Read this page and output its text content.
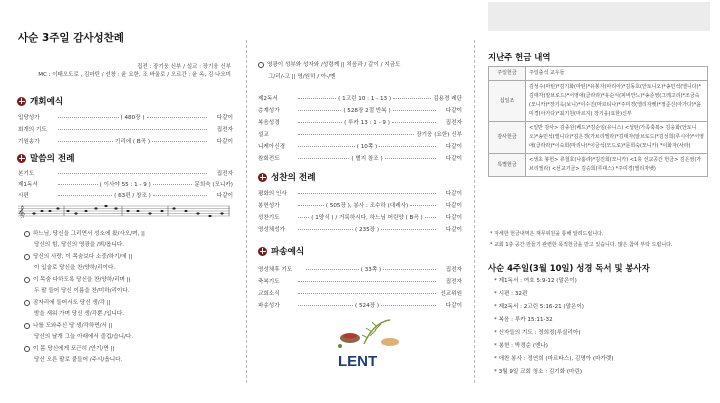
사순 3주일 감사성찬례
집전 : 장기웅 신부 / 설교 : 장기웅 신부
MC : 이태오도로 , 김마틴 / 선창 : 윤 요한, 조 바울로 / 오르간 : 윤 옥, 김 나오미
개회예식
입당성가	( 480장 )	다같이
회개의 기도	집전자
기원송가	기리에 ( B곡 )	다같이
말씀의 전례
본기도	집전자
제1독서	( 이사야 55 : 1 - 9 )	문희숙 (모니카)
시편	( 63편 / 창조 )	다같이
𝄞
하느님, 당신을 그리면서 성소에 왔/사오/며, ||
당신의 힘, 당신의 영광을 /뵈/옵니다.
당신의 사랑, 이 목숨보다 소중/하기/에 ||
이 입술로 당신을 찬/양하/리이다.
이 목숨 다하도록 당신을 찬/양하/리며 ||
두 팔 들어 당신 이름을 찬/미하/리이다.
잠자리에 들어서도 당신 생/각 ||
밤을 새워 가며 당신 생/각뿐 /입니다.
나를 도와주신 당 생/각하면/서 ||
당신의 날개 그늘 아래에서 즐겁/습니/다.
이 몸 당신에게 포근히 /안기/면 ||
당신 오른 팔로 붙들어 /주시/옵니다.
영광이 성부와 성자와 /성령께 || 처음과 / 같이 / 지금도
그/리/-고 || 영/원히 / 아-/멘
제2독서	( 1고린 10 : 1 - 13 )	김용경 레단
층계성가	( 528장 2절 반복 )	다같이
복음성경	( 루카 13 : 1 - 9 )	집전자
설교	장기웅 (요한) 신부
니케아신경	( 10쪽 )	다같이
참회전도	( 별지 참조 )	다같이
성찬의 전례
평화의 인사	다같이
봉헌성가	( 505장 ), 봉사 : 조수하 (대레사)	다같이
성찬기도	( 1양식 ) / 거룩하시다, 하느님 어린양 ( B곡 )	다같이
영성체성가	( 235장 )	다같이
파송예식
영성체후 기도	( 33쪽 )	집전자
축복기도	집전자
교회소식	선교위원
파송성가	( 524장 )	다같이
LENT
지난주 헌금 내역
주일헌금	주일출석 교우들
십일조	김성수(마틴)*김기화(마틴)*유봉자(마리아)*김동호(안토니오)*송민석(엘니다)*김태자(알브로드)*서영애(클라라)*유순식(피비안느)*송준영(그레고리)*조금숙(모니카)*장기옥(보니)*이수진(마르티나)*주미경(엘리자벳)*정준신(아가다)*윤미경(아가다)*최기원(마르지) 장기웅(요한)신부
감사헌금	<일반 감사> 김종원(베드)*김순임(유니스) <성탄/가족축복> 김웅화(안토니오)*송민석(엘니다)*김은경(가브리엘라)*김태자(알브로드)*김성희(루시아)*서영애(클라라)*이숙희(마리나)*이금석(모드로)*문희숙(모니카) *이화자(사라)
특별헌금	<생초 봉헌> 류철호(나훔라)*김진희(모니카) <1층 선교공간 헌금> 김은영(가브리엘라) <선교기금> 김승희(루대스) *주미경(엘리자벳)
* 자세한 헌금내역은 재무위원을 통해 알려드립니다.
* 교회 1층 공간 만들기 관련한 목적헌금을 받고 있습니다. 많은 참여 부탁 드립니다.
사순 4주일(3월 10일) 성경 독서 및 봉사자
* 제1독서 : 여호 5:9-12 (말은이)
* 시편 : 32편
* 제2독서 : 2고린 5:16-21 (말은이)
* 복음 : 루카 15:11-32
* 신자들의 기도 : 정희정(루실리아)
* 봉헌 : 박경순 (엔나)
* 애찬 봉사 : 정연희 (마르타스), 김명아 (마가렛)
* 3월 9일 교회 청소 : 김기화 (마린)
